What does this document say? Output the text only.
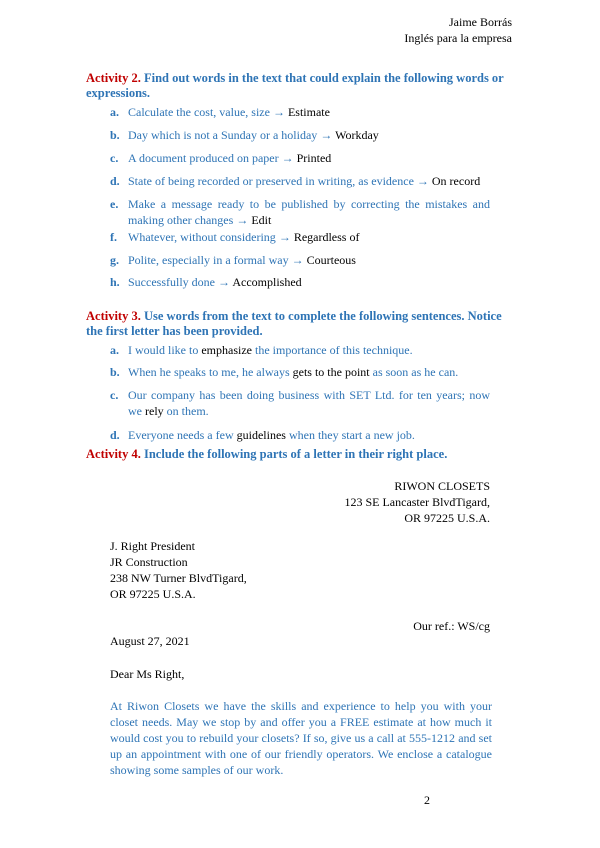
Jaime Borrás
Inglés para la empresa
Activity 2. Find out words in the text that could explain the following words or expressions.
a. Calculate the cost, value, size → Estimate
b. Day which is not a Sunday or a holiday → Workday
c. A document produced on paper → Printed
d. State of being recorded or preserved in writing, as evidence → On record
e. Make a message ready to be published by correcting the mistakes and making other changes → Edit
f. Whatever, without considering → Regardless of
g. Polite, especially in a formal way → Courteous
h. Successfully done → Accomplished
Activity 3. Use words from the text to complete the following sentences. Notice the first letter has been provided.
a. I would like to emphasize the importance of this technique.
b. When he speaks to me, he always gets to the point as soon as he can.
c. Our company has been doing business with SET Ltd. for ten years; now we rely on them.
d. Everyone needs a few guidelines when they start a new job.
Activity 4. Include the following parts of a letter in their right place.
RIWON CLOSETS
123 SE Lancaster BlvdTigard,
OR 97225 U.S.A.
J. Right President
JR Construction
238 NW Turner BlvdTigard,
OR 97225 U.S.A.
Our ref.: WS/cg
August 27, 2021
Dear Ms Right,
At Riwon Closets we have the skills and experience to help you with your closet needs. May we stop by and offer you a FREE estimate at how much it would cost you to rebuild your closets? If so, give us a call at 555-1212 and set up an appointment with one of our friendly operators. We enclose a catalogue showing some samples of our work.
2
